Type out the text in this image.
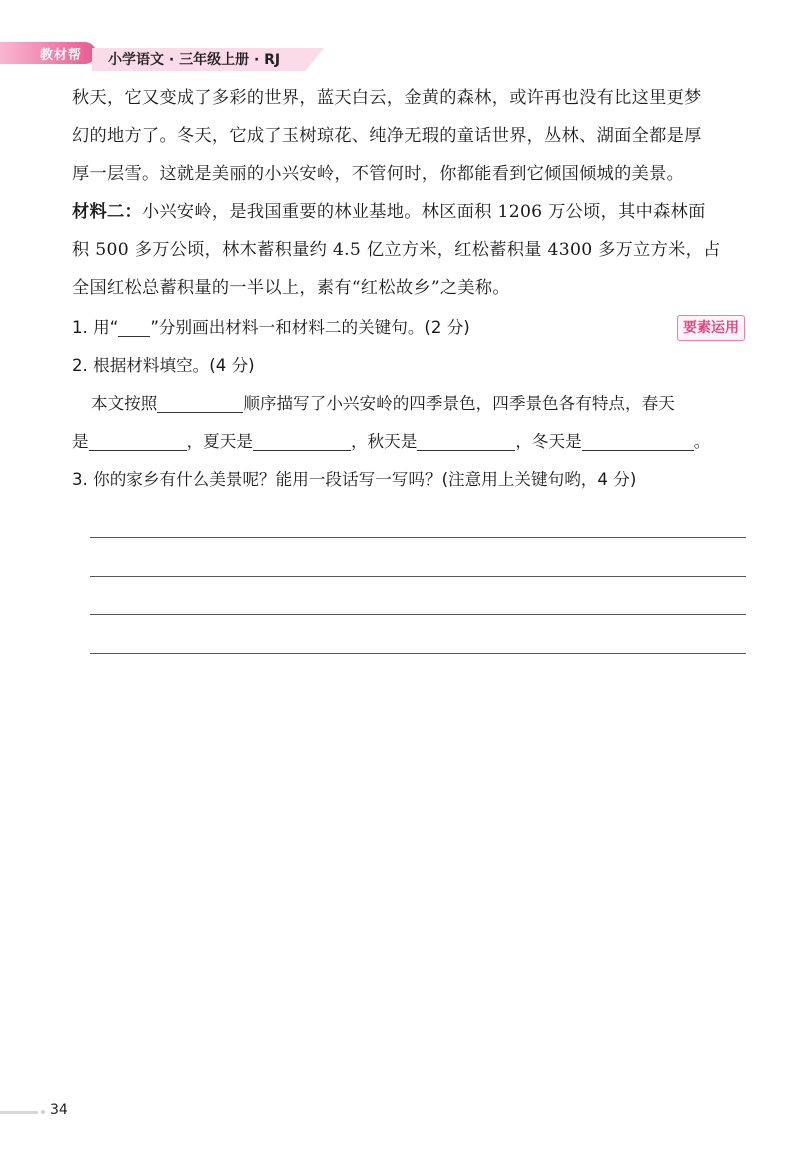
教材帮 小学语文 · 三年级上册 · RJ
秋天，它又变成了多彩的世界，蓝天白云，金黄的森林，或许再也没有比这里更梦
幻的地方了。冬天，它成了玉树琼花、纯净无瑕的童话世界，丛林、湖面全都是厚
厚一层雪。这就是美丽的小兴安岭，不管何时，你都能看到它倾国倾城的美景。
材料二：小兴安岭，是我国重要的林业基地。林区面积 1206 万公顷，其中森林面
积 500 多万公顷，林木蓄积量约 4.5 亿立方米，红松蓄积量 4300 多万立方米，占
全国红松总蓄积量的一半以上，素有“红松故乡”之美称。
1. 用“ ”分别画出材料一和材料二的关键句。(2 分)	要素运用
2. 根据材料填空。(4 分)
本文按照	顺序描写了小兴安岭的四季景色，四季景色各有特点，春天
是	，夏天是	，秋天是	，冬天是	。
3. 你的家乡有什么美景呢？能用一段话写一写吗？(注意用上关键句哟，4 分)
34
